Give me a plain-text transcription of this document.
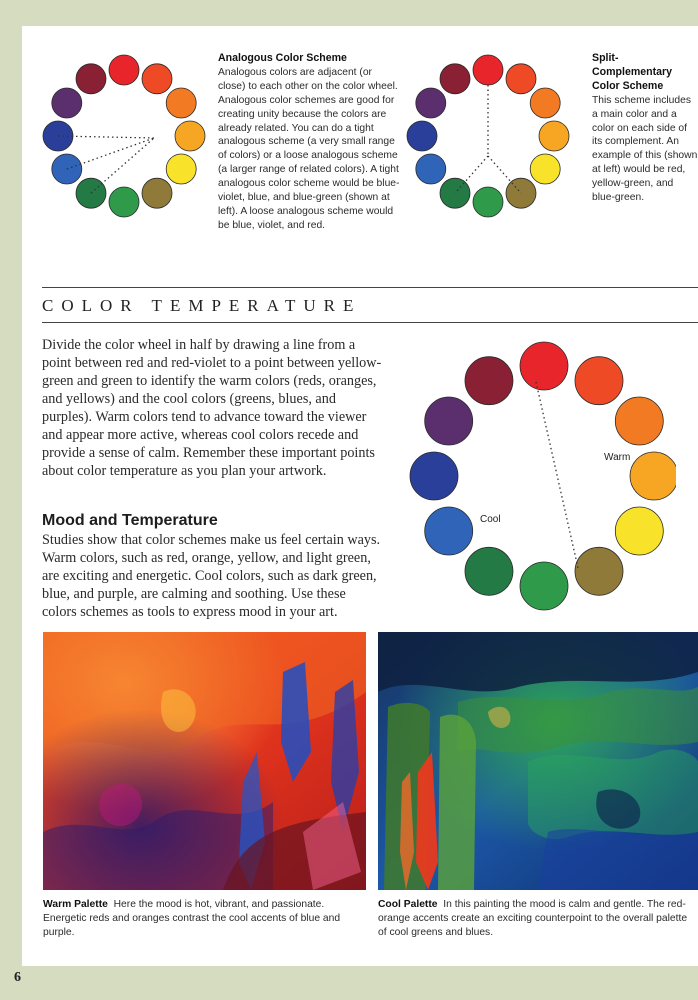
Analogous Color Scheme
Analogous colors are adjacent (or close) to each other on the color wheel. Analogous color schemes are good for creating unity because the colors are already related. You can do a tight analogous scheme (a very small range of colors) or a loose analogous scheme (a larger range of related colors). A tight analogous color scheme would be blue-violet, blue, and blue-green (shown at left). A loose analogous scheme would be blue, violet, and red.
Split-Complementary Color Scheme
This scheme includes a main color and a color on each side of its complement. An example of this (shown at left) would be red, yellow-green, and blue-green.
COLOR TEMPERATURE
Divide the color wheel in half by drawing a line from a point between red and red-violet to a point between yellow-green and green to identify the warm colors (reds, oranges, and yellows) and the cool colors (greens, blues, and purples). Warm colors tend to advance toward the viewer and appear more active, whereas cool colors recede and provide a sense of calm. Remember these important points about color temperature as you plan your artwork.
Warm
Cool
Mood and Temperature
Studies show that color schemes make us feel certain ways. Warm colors, such as red, orange, yellow, and light green, are exciting and energetic. Cool colors, such as dark green, blue, and purple, are calming and soothing. Use these colors schemes as tools to express mood in your art.
Warm Palette Here the mood is hot, vibrant, and passionate. Energetic reds and oranges contrast the cool accents of blue and purple.
Cool Palette In this painting the mood is calm and gentle. The red-orange accents create an exciting counterpoint to the overall palette of cool greens and blues.
6
